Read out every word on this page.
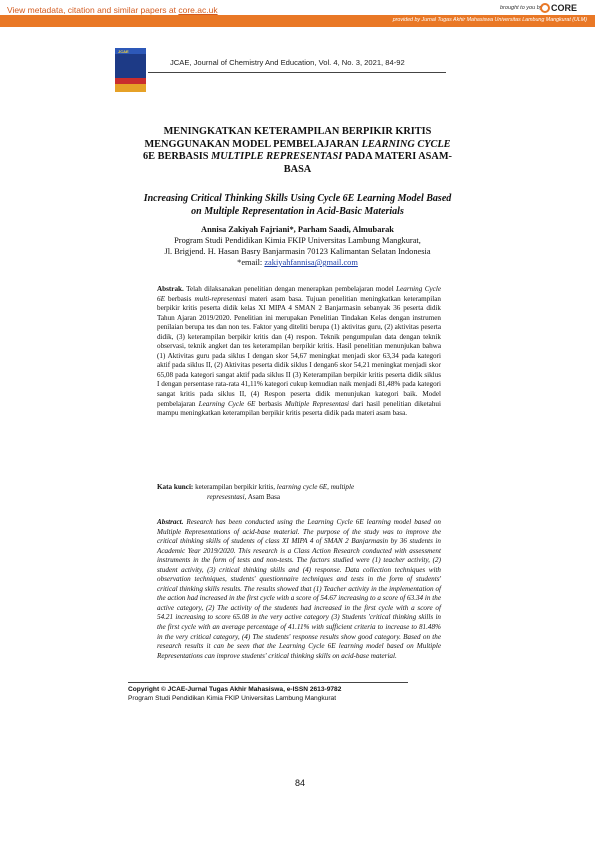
View metadata, citation and similar papers at core.ac.uk	brought to you by CORE
provided by Jurnal Tugas Akhir Mahasiswa Universitas Lambung Mangkurat (ULM)
JCAE
JCAE, Journal of Chemistry And Education, Vol. 4, No. 3, 2021, 84-92
MENINGKATKAN KETERAMPILAN BERPIKIR KRITIS
MENGGUNAKAN MODEL PEMBELAJARAN LEARNING CYCLE
6E BERBASIS MULTIPLE REPRESENTASI PADA MATERI ASAM-
BASA
Increasing Critical Thinking Skills Using Cycle 6E Learning Model Based
on Multiple Representation in Acid-Basic Materials
Annisa Zakiyah Fajriani*, Parham Saadi, Almubarak
Program Studi Pendidikan Kimia FKIP Universitas Lambung Mangkurat,
Jl. Brigjend. H. Hasan Basry Banjarmasin 70123 Kalimantan Selatan Indonesia
*email: zakiyahfannisa@gmail.com
Abstrak. Telah dilaksanakan penelitian dengan menerapkan pembelajaran model Learning Cycle 6E berbasis multi-representasi materi asam basa. Tujuan penelitian meningkatkan keterampilan berpikir kritis peserta didik kelas XI MIPA 4 SMAN 2 Banjarmasin sebanyak 36 peserta didik Tahun Ajaran 2019/2020. Penelitian ini merupakan Penelitian Tindakan Kelas dengan instrumen penilaian berupa tes dan non tes. Faktor yang diteliti berupa (1) aktivitas guru, (2) aktivitas peserta didik, (3) keterampilan berpikir kritis dan (4) respon. Teknik pengumpulan data dengan teknik observasi, teknik angket dan tes keterampilan berpikir kritis. Hasil penelitian menunjukan bahwa (1) Aktivitas guru pada siklus I dengan skor 54,67 meningkat menjadi skor 63,34 pada kategori aktif pada siklus II, (2) Aktivitas peserta didik siklus I dengan6 skor 54,21 meningkat menjadi skor 65,08 pada kategori sangat aktif pada siklus II (3) Keterampilan berpikir kritis peserta didik siklus I dengan persentase rata-rata 41,11% kategori cukup kemudian naik menjadi 81,48% pada kategori sangat kritis pada siklus II, (4) Respon peserta didik menunjukan kategori baik. Model pembelajaran Learning Cycle 6E berbasis Multiple Representasi dari hasil penelitian diketahui mampu meningkatkan keterampilan berpikir kritis peserta didik pada materi asam basa.
Kata kunci: keterampilan berpikir kritis, learning cycle 6E, multiple
represesntasi, Asam Basa
Abstract. Research has been conducted using the Learning Cycle 6E learning model based on Multiple Representations of acid-base material. The purpose of the study was to improve the critical thinking skills of students of class XI MIPA 4 of SMAN 2 Banjarmasin by 36 students in Academic Year 2019/2020. This research is a Class Action Research conducted with assessment instruments in the form of tests and non-tests. The factors studied were (1) teacher activity, (2) student activity, (3) critical thinking skills and (4) response. Data collection techniques with observation techniques, students' questionnaire techniques and tests in the form of students' critical thinking skills results. The results showed that (1) Teacher activity in the implementation of the action had increased in the first cycle with a score of 54.67 increasing to a score of 63.34 in the active category, (2) The activity of the students had increased in the first cycle with a score of 54.21 increasing to score 65.08 in the very active category (3) Students 'critical thinking skills in the first cycle with an average percentage of 41.11% with sufficient criteria to increase to 81.48% in the very critical category, (4) The students' response results show good category. Based on the research results it can be seen that the Learning Cycle 6E learning model based on Multiple Representations can improve students' critical thinking skills on acid-base material.
Copyright © JCAE-Jurnal Tugas Akhir Mahasiswa, e-ISSN 2613-9782
Program Studi Pendidikan Kimia FKIP Universitas Lambung Mangkurat
84
